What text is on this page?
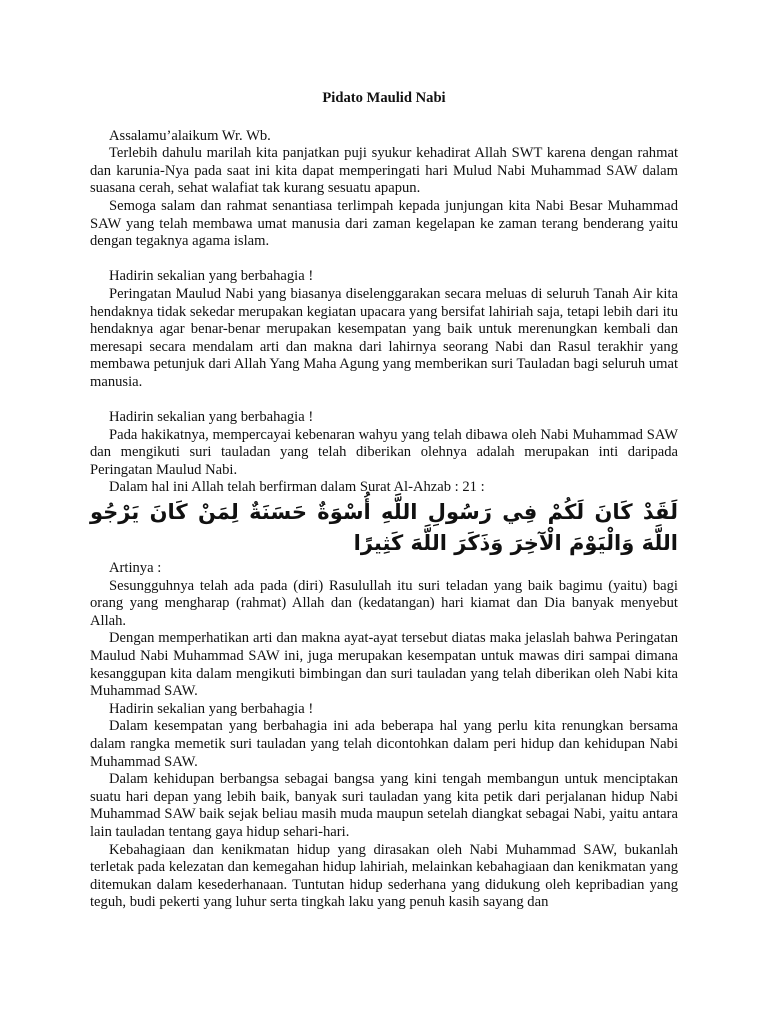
Pidato Maulid Nabi

Assalamu’alaikum Wr. Wb.

Terlebih dahulu marilah kita panjatkan puji syukur kehadirat Allah SWT karena dengan rahmat dan karunia-Nya pada saat ini kita dapat memperingati hari Mulud Nabi Muhammad SAW dalam suasana cerah, sehat walafiat tak kurang sesuatu apapun.

Semoga salam dan rahmat senantiasa terlimpah kepada junjungan kita Nabi Besar Muhammad SAW yang telah membawa umat manusia dari zaman kegelapan ke zaman terang benderang yaitu dengan tegaknya agama islam.

Hadirin sekalian yang berbahagia !

Peringatan Maulud Nabi yang biasanya diselenggarakan secara meluas di seluruh Tanah Air kita hendaknya tidak sekedar merupakan kegiatan upacara yang bersifat lahiriah saja, tetapi lebih dari itu hendaknya agar benar-benar merupakan kesempatan yang baik untuk merenungkan kembali dan meresapi secara mendalam arti dan makna dari lahirnya seorang Nabi dan Rasul terakhir yang membawa petunjuk dari Allah Yang Maha Agung yang memberikan suri Tauladan bagi seluruh umat manusia.

Hadirin sekalian yang berbahagia !

Pada hakikatnya, mempercayai kebenaran wahyu yang telah dibawa oleh Nabi Muhammad SAW dan mengikuti suri tauladan yang telah diberikan olehnya adalah merupakan inti daripada Peringatan Maulud Nabi.

Dalam hal ini Allah telah berfirman dalam Surat Al-Ahzab : 21 :

لَقَدْ كَانَ لَكُمْ فِي رَسُولِ اللَّهِ أُسْوَةٌ حَسَنَةٌ لِمَنْ كَانَ يَرْجُو اللَّهَ وَالْيَوْمَ الْآخِرَ وَذَكَرَ اللَّهَ كَثِيرًا

Artinya :

Sesungguhnya telah ada pada (diri) Rasulullah itu suri teladan yang baik bagimu (yaitu) bagi orang yang mengharap (rahmat) Allah dan (kedatangan) hari kiamat dan Dia banyak menyebut Allah.

Dengan memperhatikan arti dan makna ayat-ayat tersebut diatas maka jelaslah bahwa Peringatan Maulud Nabi Muhammad SAW ini, juga merupakan kesempatan untuk mawas diri sampai dimana kesanggupan kita dalam mengikuti bimbingan dan suri tauladan yang telah diberikan oleh Nabi kita Muhammad SAW.

Hadirin sekalian yang berbahagia !

Dalam kesempatan yang berbahagia ini ada beberapa hal yang perlu kita renungkan bersama dalam rangka memetik suri tauladan yang telah dicontohkan dalam peri hidup dan kehidupan Nabi Muhammad SAW.

Dalam kehidupan berbangsa sebagai bangsa yang kini tengah membangun untuk menciptakan suatu hari depan yang lebih baik, banyak suri tauladan yang kita petik dari perjalanan hidup Nabi Muhammad SAW baik sejak beliau masih muda maupun setelah diangkat sebagai Nabi, yaitu antara lain tauladan tentang gaya hidup sehari-hari.

Kebahagiaan dan kenikmatan hidup yang dirasakan oleh Nabi Muhammad SAW, bukanlah terletak pada kelezatan dan kemegahan hidup lahiriah, melainkan kebahagiaan dan kenikmatan yang ditemukan dalam kesederhanaan. Tuntutan hidup sederhana yang didukung oleh kepribadian yang teguh, budi pekerti yang luhur serta tingkah laku yang penuh kasih sayang dan
